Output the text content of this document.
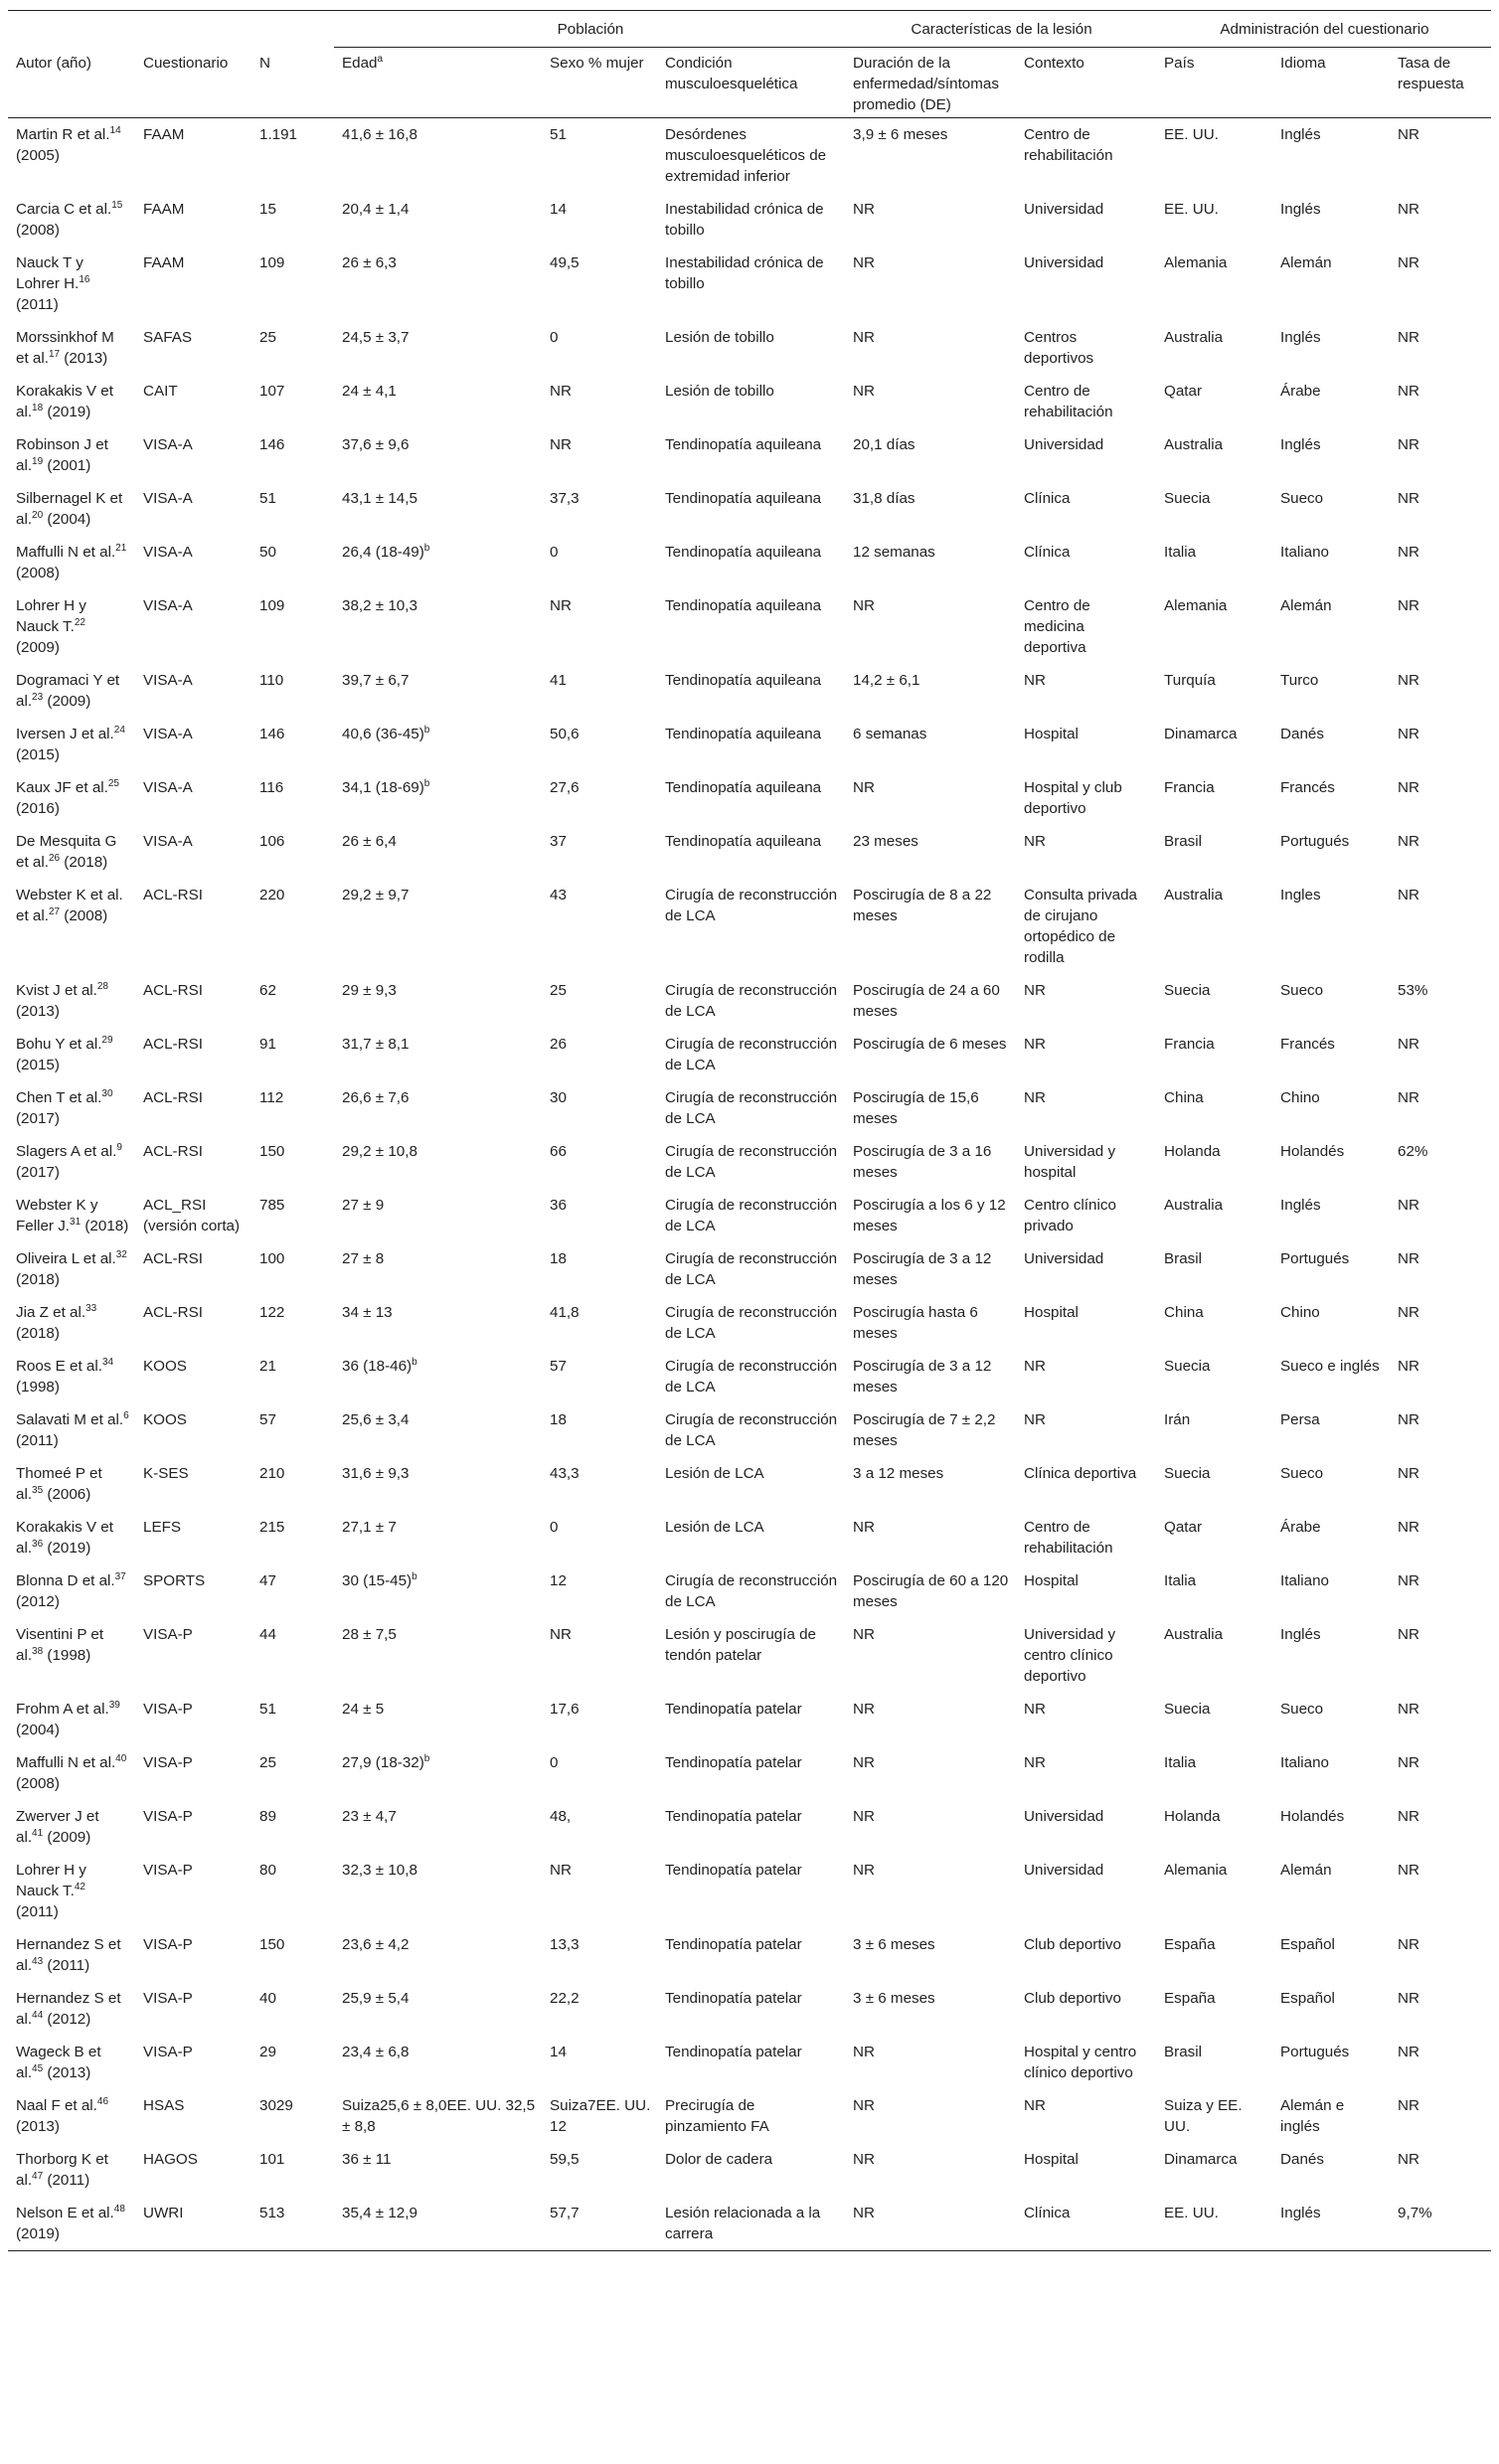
			Población			Características de la lesión		Administración del cuestionario		
Autor (año)	Cuestionario	N	Edad$^a$	Sexo % mujer	Condición musculoesquelética	Duración de la enfermedad/síntomas promedio (DE)	Contexto	País	Idioma	Tasa de respuesta
Martin R et al.$^{14}$ (2005)	FAAM	1.191	41,6 ± 16,8	51	Desórdenes musculoesqueléticos de extremidad inferior	3,9 ± 6 meses	Centro de rehabilitación	EE. UU.	Inglés	NR
Carcia C et al.$^{15}$ (2008)	FAAM	15	20,4 ± 1,4	14	Inestabilidad crónica de tobillo	NR	Universidad	EE. UU.	Inglés	NR
Nauck T y Lohrer H.$^{16}$ (2011)	FAAM	109	26 ± 6,3	49,5	Inestabilidad crónica de tobillo	NR	Universidad	Alemania	Alemán	NR
Morssinkhof M et al.$^{17}$ (2013)	SAFAS	25	24,5 ± 3,7	0	Lesión de tobillo	NR	Centros deportivos	Australia	Inglés	NR
Korakakis V et al.$^{18}$ (2019)	CAIT	107	24 ± 4,1	NR	Lesión de tobillo	NR	Centro de rehabilitación	Qatar	Árabe	NR
Robinson J et al.$^{19}$ (2001)	VISA-A	146	37,6 ± 9,6	NR	Tendinopatía aquileana	20,1 días	Universidad	Australia	Inglés	NR
Silbernagel K et al.$^{20}$ (2004)	VISA-A	51	43,1 ± 14,5	37,3	Tendinopatía aquileana	31,8 días	Clínica	Suecia	Sueco	NR
Maffulli N et al.$^{21}$ (2008)	VISA-A	50	26,4 $(18-49)^b$	0	Tendinopatía aquileana	12 semanas	Clínica	Italia	Italiano	NR
Lohrer H y Nauck T.$^{22}$ (2009)	VISA-A	109	38,2 ± 10,3	NR	Tendinopatía aquileana	NR	Centro de medicina deportiva	Alemania	Alemán	NR
Dogramaci Y et al.$^{23}$ (2009)	VISA-A	110	39,7 ± 6,7	41	Tendinopatía aquileana	14,2 ± 6,1	NR	Turquía	Turco	NR
Iversen J et al.$^{24}$ (2015)	VISA-A	146	40,6 $(36-45)^b$	50,6	Tendinopatía aquileana	6 semanas	Hospital	Dinamarca	Danés	NR
Kaux JF et al.$^{25}$ (2016)	VISA-A	116	34,1 $(18-69)^b$	27,6	Tendinopatía aquileana	NR	Hospital y club deportivo	Francia	Francés	NR
De Mesquita G et al.$^{26}$ (2018)	VISA-A	106	26 ± 6,4	37	Tendinopatía aquileana	23 meses	NR	Brasil	Portugués	NR
Webster K et al. et al.$^{27}$ (2008)	ACL-RSI	220	29,2 ± 9,7	43	Cirugía de reconstrucción de LCA	Poscirugía de 8 a 22 meses	Consulta privada de cirujano ortopédico de rodilla	Australia	Ingles	NR
Kvist J et al.$^{28}$ (2013)	ACL-RSI	62	29 ± 9,3	25	Cirugía de reconstrucción de LCA	Poscirugía de 24 a 60 meses	NR	Suecia	Sueco	53%
Bohu Y et al.$^{29}$ (2015)	ACL-RSI	91	31,7 ± 8,1	26	Cirugía de reconstrucción de LCA	Poscirugía de 6 meses	NR	Francia	Francés	NR
Chen T et al.$^{30}$ (2017)	ACL-RSI	112	26,6 ± 7,6	30	Cirugía de reconstrucción de LCA	Poscirugía de 15,6 meses	NR	China	Chino	NR
Slagers A et al.$^9$ (2017)	ACL-RSI	150	29,2 ± 10,8	66	Cirugía de reconstrucción de LCA	Poscirugía de 3 a 16 meses	Universidad y hospital	Holanda	Holandés	62%
Webster K y Feller J.$^{31}$ (2018)	ACL_RSI (versión corta)	785	27 ± 9	36	Cirugía de reconstrucción de LCA	Poscirugía a los 6 y 12 meses	Centro clínico privado	Australia	Inglés	NR
Oliveira L et al.$^{32}$ (2018)	ACL-RSI	100	27 ± 8	18	Cirugía de reconstrucción de LCA	Poscirugía de 3 a 12 meses	Universidad	Brasil	Portugués	NR
Jia Z et al.$^{33}$ (2018)	ACL-RSI	122	34 ± 13	41,8	Cirugía de reconstrucción de LCA	Poscirugía hasta 6 meses	Hospital	China	Chino	NR
Roos E et al.$^{34}$ (1998)	KOOS	21	36 $(18-46)^b$	57	Cirugía de reconstrucción de LCA	Poscirugía de 3 a 12 meses	NR	Suecia	Sueco e inglés	NR
Salavati M et al.$^6$ (2011)	KOOS	57	25,6 ± 3,4	18	Cirugía de reconstrucción de LCA	Poscirugía de 7 ± 2,2 meses	NR	Irán	Persa	NR
Thomeé P et al.$^{35}$ (2006)	K-SES	210	31,6 ± 9,3	43,3	Lesión de LCA	3 a 12 meses	Clínica deportiva	Suecia	Sueco	NR
Korakakis V et al.$^{36}$ (2019)	LEFS	215	27,1 ± 7	0	Lesión de LCA	NR	Centro de rehabilitación	Qatar	Árabe	NR
Blonna D et al.$^{37}$ (2012)	SPORTS	47	30 $(15-45)^b$	12	Cirugía de reconstrucción de LCA	Poscirugía de 60 a 120 meses	Hospital	Italia	Italiano	NR
Visentini P et al.$^{38}$ (1998)	VISA-P	44	28 ± 7,5	NR	Lesión y poscirugía de tendón patelar	NR	Universidad y centro clínico deportivo	Australia	Inglés	NR
Frohm A et al.$^{39}$ (2004)	VISA-P	51	24 ± 5	17,6	Tendinopatía patelar	NR	NR	Suecia	Sueco	NR
Maffulli N et al.$^{40}$ (2008)	VISA-P	25	27,9 $(18-32)^b$	0	Tendinopatía patelar	NR	NR	Italia	Italiano	NR
Zwerver J et al.$^{41}$ (2009)	VISA-P	89	23 ± 4,7	48,	Tendinopatía patelar	NR	Universidad	Holanda	Holandés	NR
Lohrer H y Nauck T.$^{42}$ (2011)	VISA-P	80	32,3 ± 10,8	NR	Tendinopatía patelar	NR	Universidad	Alemania	Alemán	NR
Hernandez S et al.$^{43}$ (2011)	VISA-P	150	23,6 ± 4,2	13,3	Tendinopatía patelar	3 ± 6 meses	Club deportivo	España	Español	NR
Hernandez S et al.$^{44}$ (2012)	VISA-P	40	25,9 ± 5,4	22,2	Tendinopatía patelar	3 ± 6 meses	Club deportivo	España	Español	NR
Wageck B et al.$^{45}$ (2013)	VISA-P	29	23,4 ± 6,8	14	Tendinopatía patelar	NR	Hospital y centro clínico deportivo	Brasil	Portugués	NR
Naal F et al.$^{46}$ (2013)	HSAS	3029	Suiza25,6 ± 8,0EE. UU. 32,5 ± 8,8	Suiza7EE. UU. 12	Precirugía de pinzamiento FA	NR	NR	Suiza y EE. UU.	Alemán e inglés	NR
Thorborg K et al.$^{47}$ (2011)	HAGOS	101	36 ± 11	59,5	Dolor de cadera	NR	Hospital	Dinamarca	Danés	NR
Nelson E et al.$^{48}$ (2019)	UWRI	513	35,4 ± 12,9	57,7	Lesión relacionada a la carrera	NR	Clínica	EE. UU.	Inglés	9,7%
